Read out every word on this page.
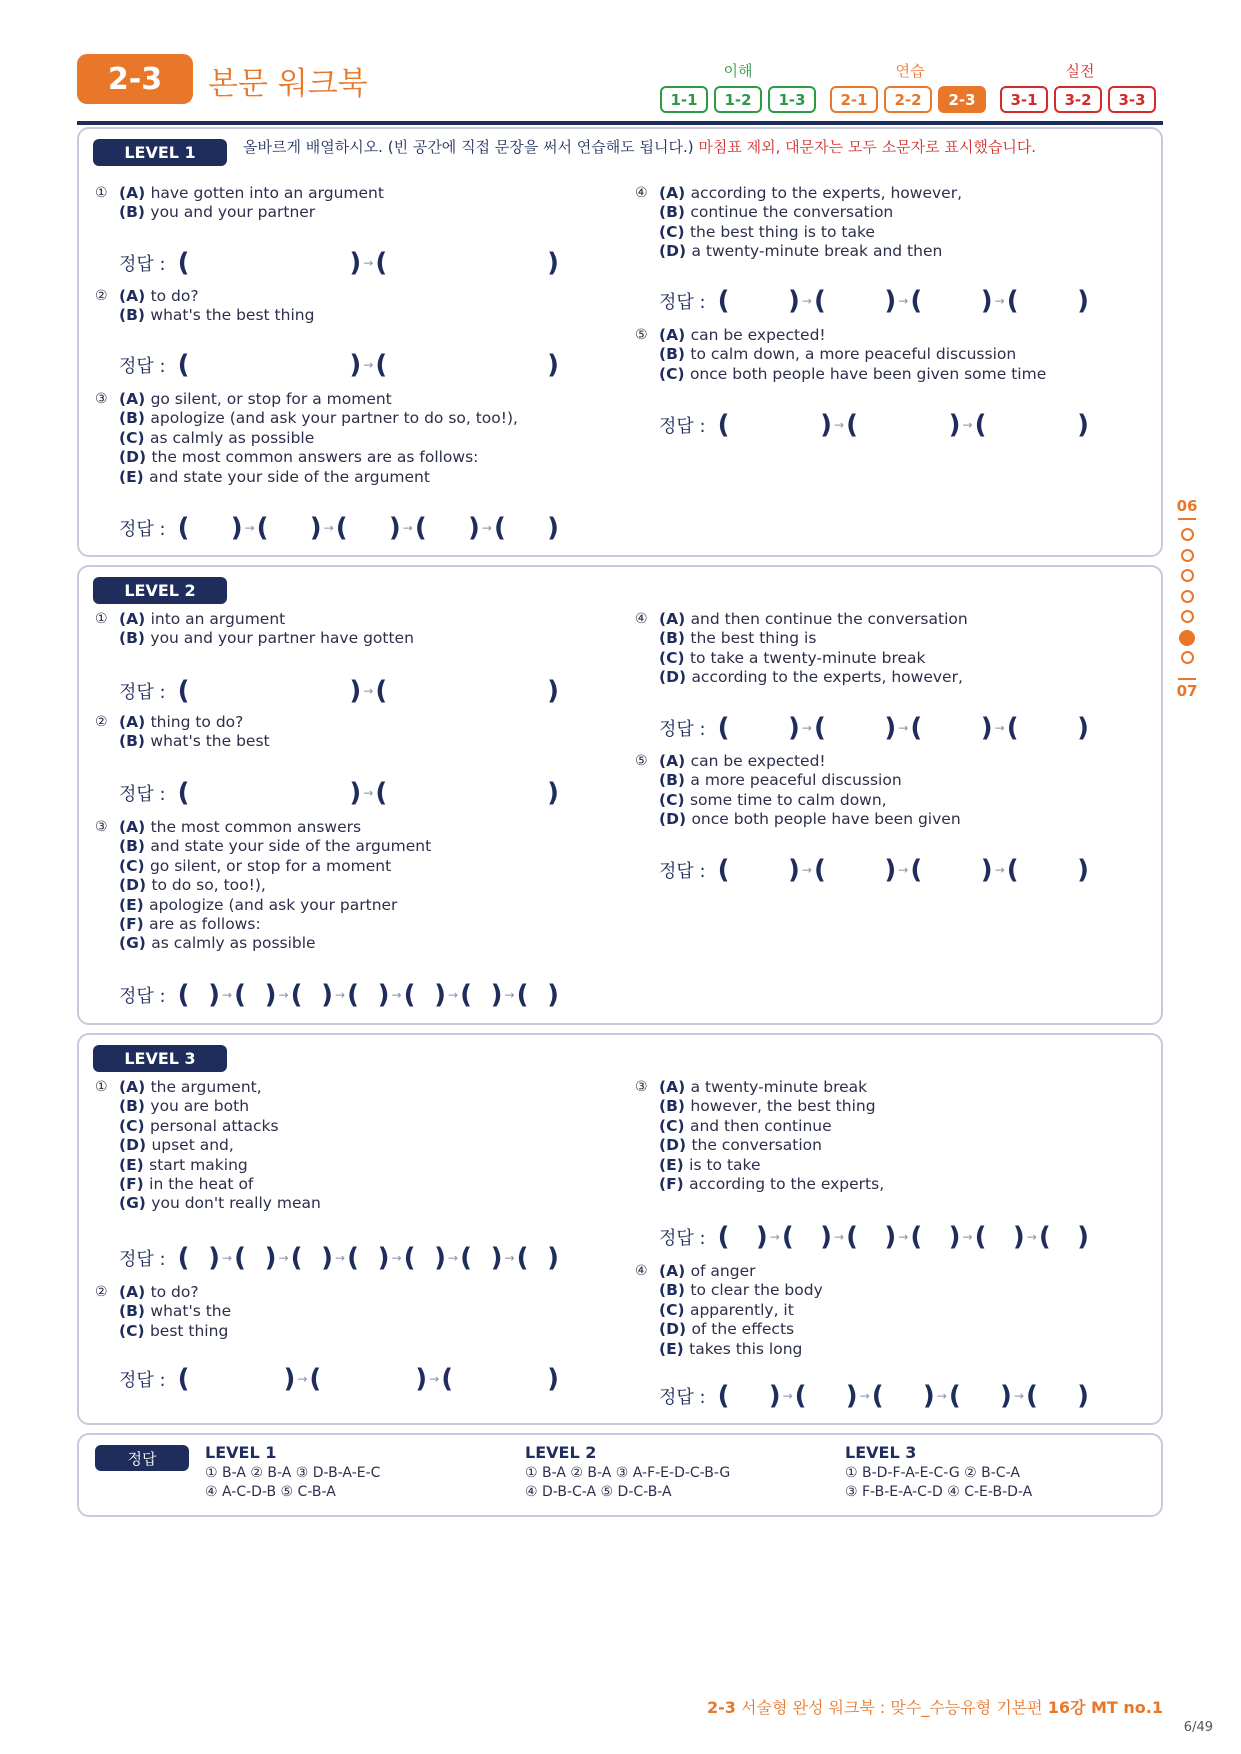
2-3	본문 워크북	이해	연습	실전
1-1	1-2	1-3	2-1	2-2	2-3	3-1	3-2	3-3
LEVEL 1	올바르게 배열하시오. (빈 공간에 직접 문장을 써서 연습해도 됩니다.) 마침표 제외, 대문자는 모두 소문자로 표시했습니다.
① (A) have gotten into an argument
(B) you and your partner
정답 : (	) → (	)
② (A) to do?
(B) what's the best thing
정답 : (	) → (	)
③ (A) go silent, or stop for a moment
(B) apologize (and ask your partner to do so, too!),
(C) as calmly as possible
(D) the most common answers are as follows:
(E) and state your side of the argument
정답 : ( ) → ( ) → ( ) → ( ) → ( )
④ (A) according to the experts, however,
(B) continue the conversation
(C) the best thing is to take
(D) a twenty-minute break and then
정답 : ( ) → ( ) → ( ) → ( )
⑤ (A) can be expected!
(B) to calm down, a more peaceful discussion
(C) once both people have been given some time
정답 : (	) → (	) → (	)
LEVEL 2
① (A) into an argument
(B) you and your partner have gotten
정답 : (	) → (	)
② (A) thing to do?
(B) what's the best
정답 : (	) → (	)
③ (A) the most common answers
(B) and state your side of the argument
(C) go silent, or stop for a moment
(D) to do so, too!),
(E) apologize (and ask your partner
(F) are as follows:
(G) as calmly as possible
정답 : ( ) → ( ) → ( ) → ( ) → ( ) → ( ) → ( )
④ (A) and then continue the conversation
(B) the best thing is
(C) to take a twenty-minute break
(D) according to the experts, however,
정답 : ( ) → ( ) → ( ) → ( )
⑤ (A) can be expected!
(B) a more peaceful discussion
(C) some time to calm down,
(D) once both people have been given
정답 : ( ) → ( ) → ( ) → ( )
LEVEL 3
① (A) the argument,
(B) you are both
(C) personal attacks
(D) upset and,
(E) start making
(F) in the heat of
(G) you don't really mean
정답 : ( ) → ( ) → ( ) → ( ) → ( ) → ( ) → ( )
② (A) to do?
(B) what's the
(C) best thing
정답 : (	) → (	) → (	)
③ (A) a twenty-minute break
(B) however, the best thing
(C) and then continue
(D) the conversation
(E) is to take
(F) according to the experts,
정답 : ( ) → ( ) → ( ) → ( ) → ( ) → ( )
④ (A) of anger
(B) to clear the body
(C) apparently, it
(D) of the effects
(E) takes this long
정답 : ( ) → ( ) → ( ) → ( ) → ( )
정답	LEVEL 1
① B-A ② B-A ③ D-B-A-E-C
④ A-C-D-B ⑤ C-B-A
LEVEL 2
① B-A ② B-A ③ A-F-E-D-C-B-G
④ D-B-C-A ⑤ D-C-B-A
LEVEL 3
① B-D-F-A-E-C-G ② B-C-A
③ F-B-E-A-C-D ④ C-E-B-D-A
06
07
2-3 서술형 완성 워크북 : 맞수_수능유형 기본편 16강 MT no.1
6/49
